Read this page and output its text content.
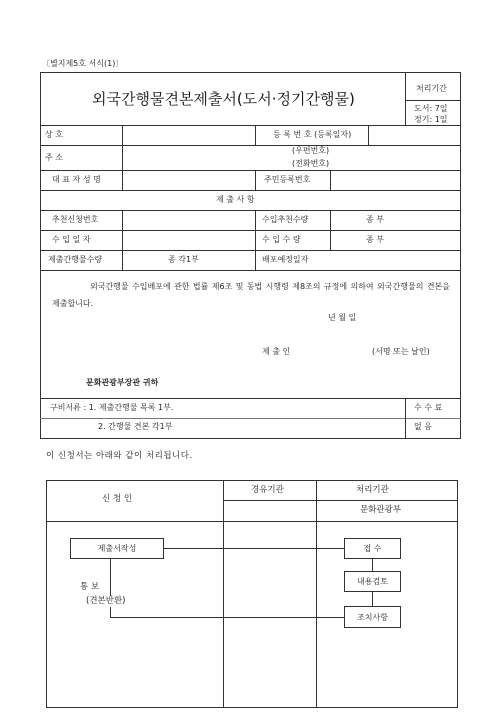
〔별지제5호 서식(1)〕
외국간행물견본제출서(도서·정기간행물)
처리기간
도서: 7일
정기: 1일
상 호	등 록 번 호 (등록일자)
주 소
(우편번호)
(전화번호)
대 표 자 성 명	주민등록번호
제 출 사 항
추천신청번호	수입추천수량	종 부
수 입 일 자	수 입 수 량	종 부
제출간행물수량	종 각1부	배포예정일자
외국간행물 수입배포에 관한 법률 제6조 및 동법 시행령 제8조의 규정에 의하여 외국간행물의 견본을 제출합니다.
년 월 일
제 출 인	(서명 또는 날인)
문화관광부장관 귀하
구비서류 : 1. 제출간행물 목록 1부.
2. 간행물 견본 각1부
수 수 료
없 음
이 신청서는 아래와 같이 처리됩니다.
신 청 인
경유기관	처리기관
문화관광부
제출서작성	접 수
내용검토
조치사항
통 보
(견본반환)
